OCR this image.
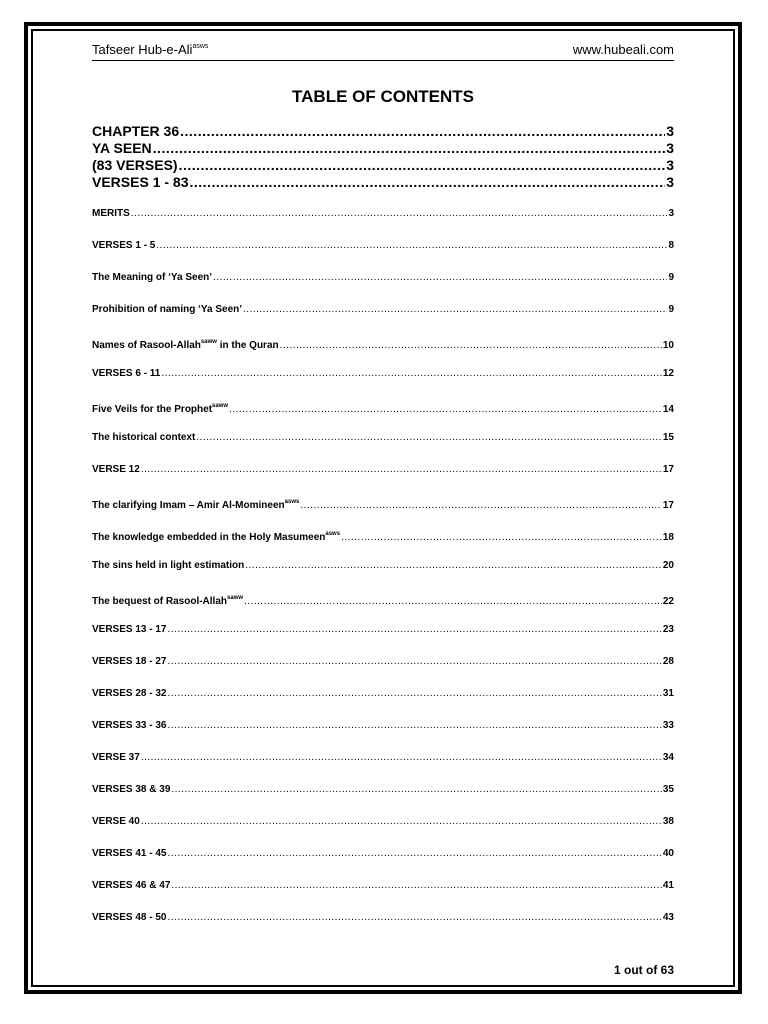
Tafseer Hub-e-Ali$^{asws}$	www.hubeali.com
TABLE OF CONTENTS
CHAPTER 36 .....	3
YA SEEN .....	3
(83 VERSES) .....	3
VERSES 1 - 83 .....	3
MERITS .....	3
VERSES 1 - 5 .....	8
The Meaning of ‘Ya Seen’ .....	9
Prohibition of naming ‘Ya Seen’ .....	9
Names of Rasool-Allah$^{saww}$ in the Quran .....	10
VERSES 6 - 11 .....	12
Five Veils for the Prophet$^{saww}$ .....	14
The historical context .....	15
VERSE 12 .....	17
The clarifying Imam – Amir Al-Momineen$^{asws}$ .....	17
The knowledge embedded in the Holy Masumeen$^{asws}$ .....	18
The sins held in light estimation .....	20
The bequest of Rasool-Allah$^{saww}$ .....	22
VERSES 13 - 17 .....	23
VERSES 18 - 27 .....	28
VERSES 28 - 32 .....	31
VERSES 33 - 36 .....	33
VERSE 37 .....	34
VERSES 38 & 39 .....	35
VERSE 40 .....	38
VERSES 41 - 45 .....	40
VERSES 46 & 47 .....	41
VERSES 48 - 50 .....	43
1 out of 63
